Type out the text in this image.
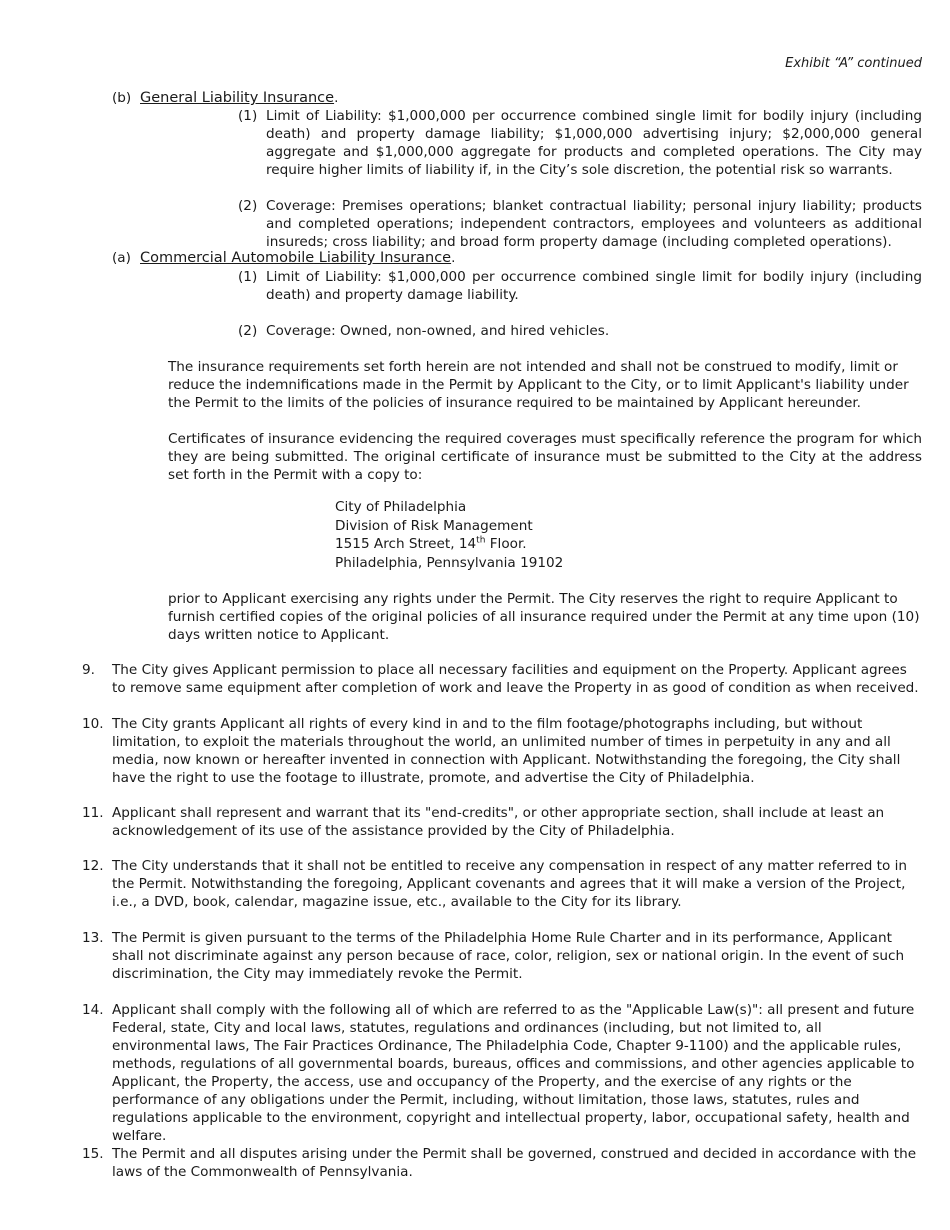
Exhibit “A” continued
(b) General Liability Insurance.
(1) Limit of Liability: $1,000,000 per occurrence combined single limit for bodily injury (including death) and property damage liability; $1,000,000 advertising injury; $2,000,000 general aggregate and $1,000,000 aggregate for products and completed operations. The City may require higher limits of liability if, in the City’s sole discretion, the potential risk so warrants.
(2) Coverage: Premises operations; blanket contractual liability; personal injury liability; products and completed operations; independent contractors, employees and volunteers as additional insureds; cross liability; and broad form property damage (including completed operations).
(a) Commercial Automobile Liability Insurance.
(1) Limit of Liability: $1,000,000 per occurrence combined single limit for bodily injury (including death) and property damage liability.
(2) Coverage: Owned, non-owned, and hired vehicles.
The insurance requirements set forth herein are not intended and shall not be construed to modify, limit or reduce the indemnifications made in the Permit by Applicant to the City, or to limit Applicant's liability under the Permit to the limits of the policies of insurance required to be maintained by Applicant hereunder.
Certificates of insurance evidencing the required coverages must specifically reference the program for which they are being submitted. The original certificate of insurance must be submitted to the City at the address set forth in the Permit with a copy to:
City of Philadelphia
Division of Risk Management
1515 Arch Street, 14th Floor.
Philadelphia, Pennsylvania 19102
prior to Applicant exercising any rights under the Permit. The City reserves the right to require Applicant to furnish certified copies of the original policies of all insurance required under the Permit at any time upon (10) days written notice to Applicant.
9.	The City gives Applicant permission to place all necessary facilities and equipment on the Property. Applicant agrees to remove same equipment after completion of work and leave the Property in as good of condition as when received.
10. The City grants Applicant all rights of every kind in and to the film footage/photographs including, but without limitation, to exploit the materials throughout the world, an unlimited number of times in perpetuity in any and all media, now known or hereafter invented in connection with Applicant. Notwithstanding the foregoing, the City shall have the right to use the footage to illustrate, promote, and advertise the City of Philadelphia.
11. Applicant shall represent and warrant that its "end-credits", or other appropriate section, shall include at least an acknowledgement of its use of the assistance provided by the City of Philadelphia.
12. The City understands that it shall not be entitled to receive any compensation in respect of any matter referred to in the Permit. Notwithstanding the foregoing, Applicant covenants and agrees that it will make a version of the Project, i.e., a DVD, book, calendar, magazine issue, etc., available to the City for its library.
13. The Permit is given pursuant to the terms of the Philadelphia Home Rule Charter and in its performance, Applicant shall not discriminate against any person because of race, color, religion, sex or national origin. In the event of such discrimination, the City may immediately revoke the Permit.
14. Applicant shall comply with the following all of which are referred to as the "Applicable Law(s)": all present and future Federal, state, City and local laws, statutes, regulations and ordinances (including, but not limited to, all environmental laws, The Fair Practices Ordinance, The Philadelphia Code, Chapter 9-1100) and the applicable rules, methods, regulations of all governmental boards, bureaus, offices and commissions, and other agencies applicable to Applicant, the Property, the access, use and occupancy of the Property, and the exercise of any rights or the performance of any obligations under the Permit, including, without limitation, those laws, statutes, rules and regulations applicable to the environment, copyright and intellectual property, labor, occupational safety, health and welfare.
15. The Permit and all disputes arising under the Permit shall be governed, construed and decided in accordance with the laws of the Commonwealth of Pennsylvania.
